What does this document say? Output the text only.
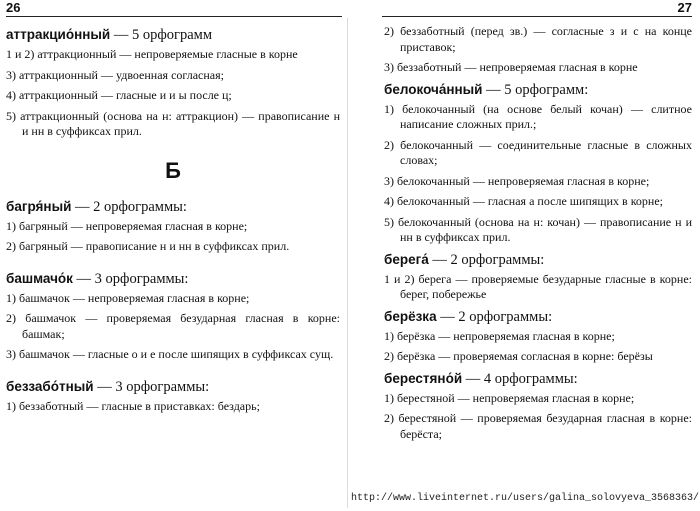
26
аттракцио́нный — 5 орфограмм
1 и 2) аттракционный — непроверяемые гласные в корне
3) аттракционный — удвоенная согласная;
4) аттракционный — гласные и и ы после ц;
5) аттракционный (основа на н: аттракцион) — правописание н и нн в суффиксах прил.
Б
багря́ный — 2 орфограммы:
1) багряный — непроверяемая гласная в корне;
2) багряный — правописание н и нн в суффиксах прил.
башмачо́к — 3 орфограммы:
1) башмачок — непроверяемая гласная в корне;
2) башмачок — проверяемая безударная гласная в корне: башмак;
3) башмачок — гласные о и е после шипящих в суффиксах сущ.
беззабо́тный — 3 орфограммы:
1) беззаботный — гласные в приставках: бездарь;
27
2) беззаботный (перед зв.) — согласные з и с на конце приставок;
3) беззаботный — непроверяемая гласная в корне
белокоча́нный — 5 орфограмм:
1) белокочанный (на основе белый кочан) — слитное написание сложных прил.;
2) белокочанный — соединительные гласные в сложных словах;
3) белокочанный — непроверяемая гласная в корне;
4) белокочанный — гласная а после шипящих в корне;
5) белокочанный (основа на н: кочан) — правописание н и нн в суффиксах прил.
берега́ — 2 орфограммы:
1 и 2) берега — проверяемые безударные гласные в корне: берег, побережье
берёзка — 2 орфограммы:
1) берёзка — непроверяемая гласная в корне;
2) берёзка — проверяемая согласная в корне: берёзы
берестяно́й — 4 орфограммы:
1) берестяной — непроверяемая гласная в корне;
2) берестяной — проверяемая безударная гласная в корне: берёста;
http://www.liveinternet.ru/users/galina_solovyeva_3568363/
